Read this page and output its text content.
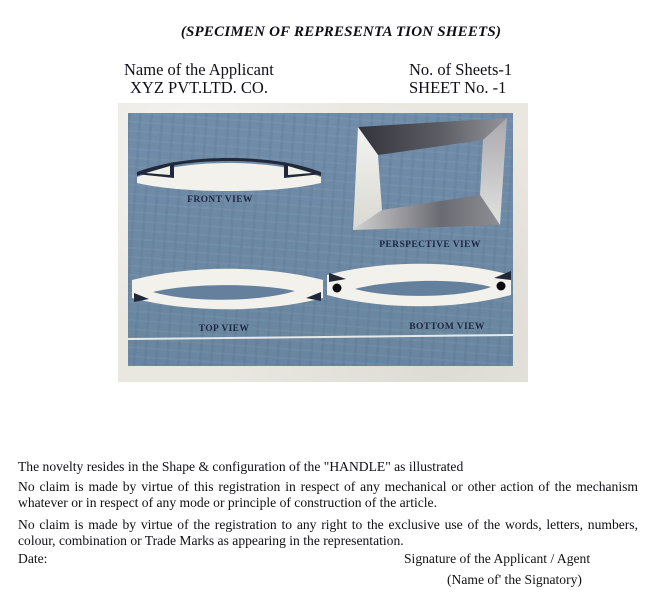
(SPECIMEN OF REPRESENTA TION SHEETS)
Name of the Applicant
XYZ PVT.LTD. CO.
No. of Sheets-1
SHEET No. -1
FRONT VIEW
PERSPECTIVE VIEW
TOP VIEW	BOTTOM VIEW
The novelty resides in the Shape & configuration of the "HANDLE" as illustrated
No claim is made by virtue of this registration in respect of any mechanical or other action of the mechanism whatever or in respect of any mode or principle of construction of the article.
No claim is made by virtue of the registration to any right to the exclusive use of the words, letters, numbers, colour, combination or Trade Marks as appearing in the representation.
Date:	Signature of the Applicant / Agent
(Name of' the Signatory)
